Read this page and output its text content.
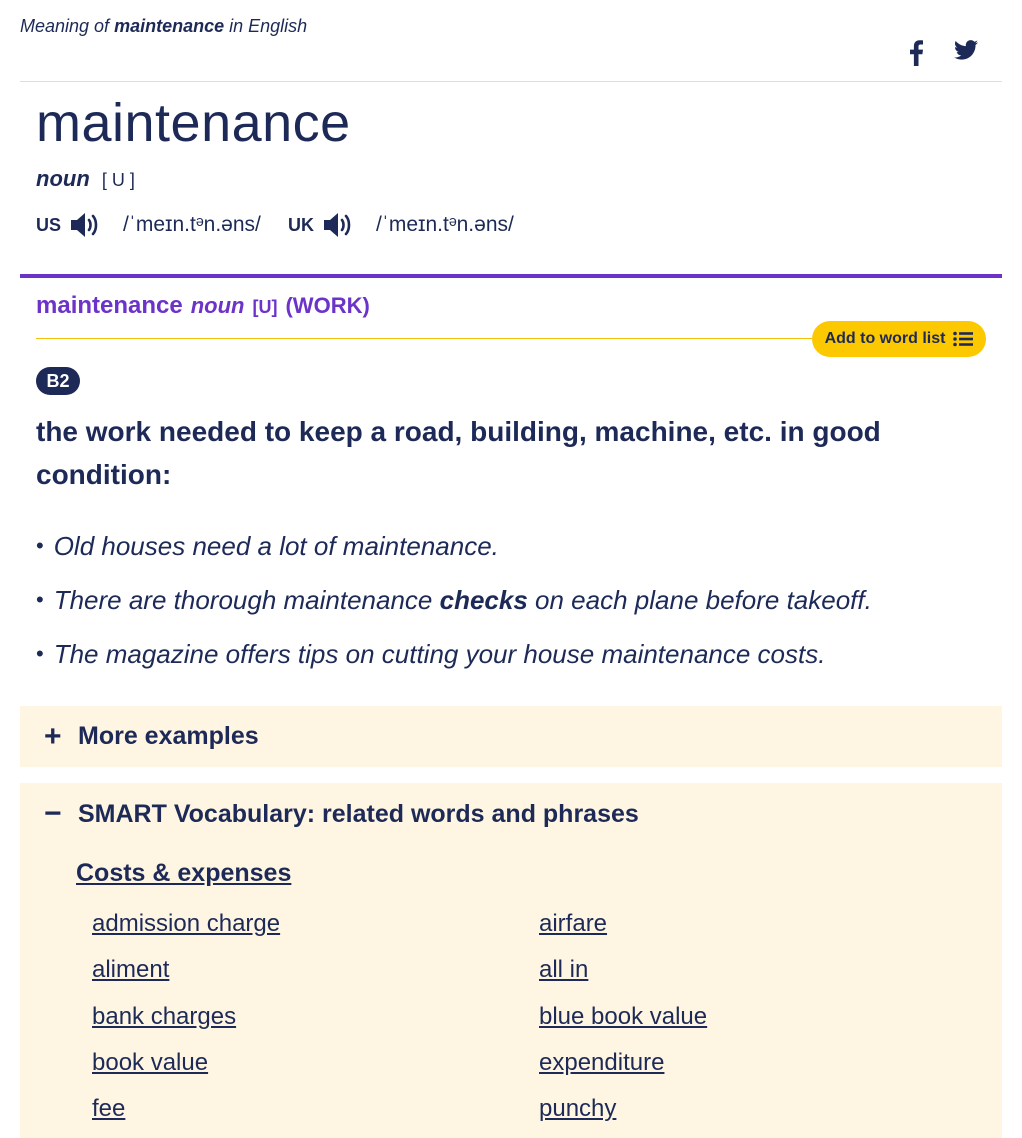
Meaning of maintenance in English
maintenance
noun [ U ]
US	/ˈmeɪn.tᵊn.əns/ UK	/ˈmeɪn.tᵊn.əns/
maintenance noun [U] (WORK)
Add to word list
B2
the work needed to keep a road, building, machine, etc. in good condition:
• Old houses need a lot of maintenance.
• There are thorough maintenance checks on each plane before takeoff.
• The magazine offers tips on cutting your house maintenance costs.
+ More examples
− SMART Vocabulary: related words and phrases
Costs & expenses
admission charge	airfare
aliment	all in
bank charges	blue book value
book value	expenditure
fee	punchy
